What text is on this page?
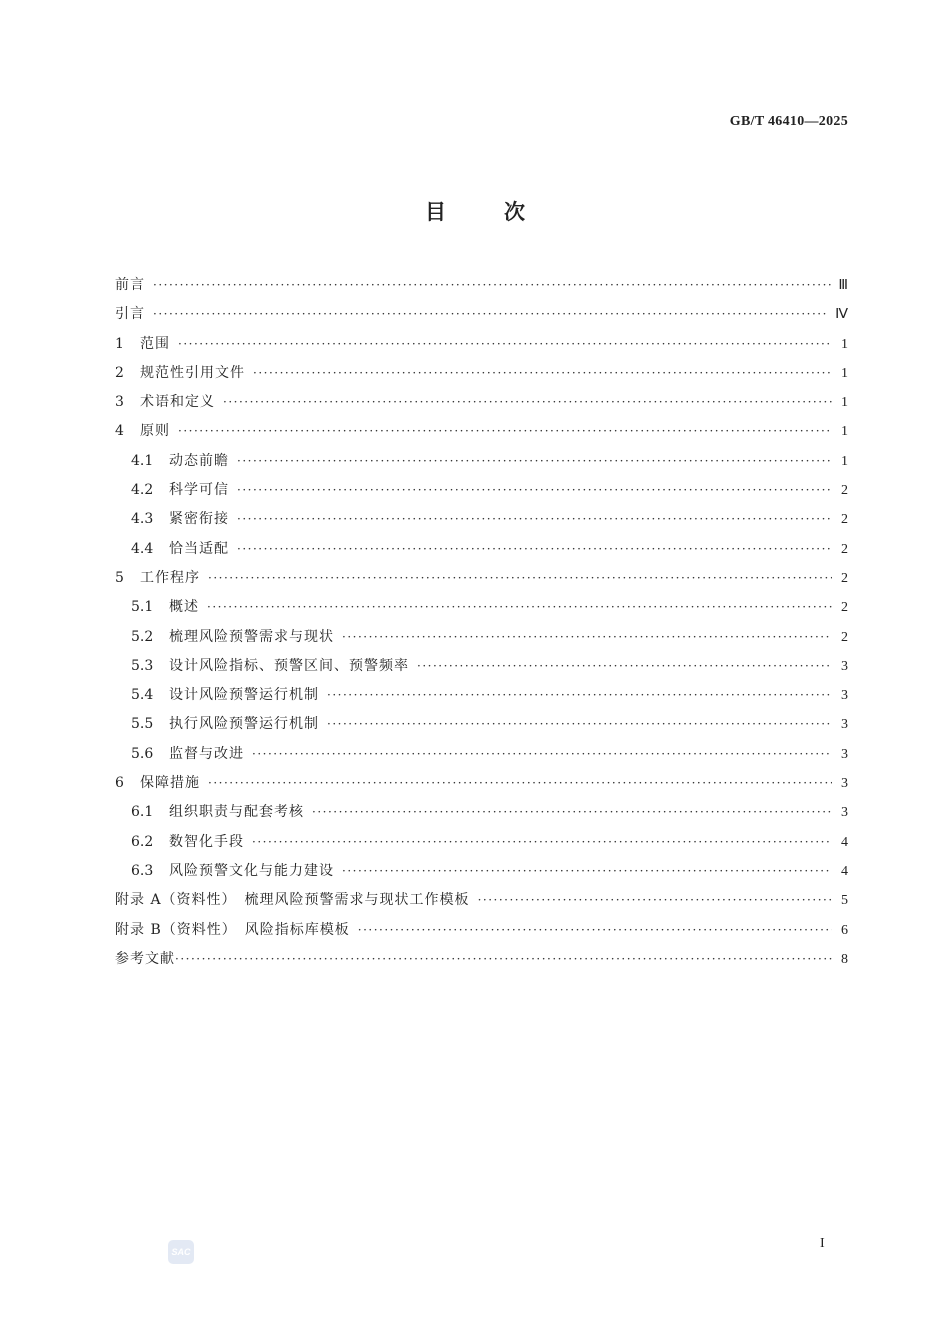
GB/T 46410—2025
目次
前言 ·····	Ⅲ
引言 ·····	Ⅳ
1	范围 ·····	1
2	规范性引用文件 ·····	1
3	术语和定义 ·····	1
4	原则 ·····	1
4.1	动态前瞻 ·····	1
4.2	科学可信 ·····	2
4.3	紧密衔接 ·····	2
4.4	恰当适配 ·····	2
5	工作程序 ·····	2
5.1	概述 ·····	2
5.2	梳理风险预警需求与现状 ·····	2
5.3	设计风险指标、预警区间、预警频率 ·····	3
5.4	设计风险预警运行机制 ·····	3
5.5	执行风险预警运行机制 ·····	3
5.6	监督与改进 ·····	3
6	保障措施 ·····	3
6.1	组织职责与配套考核 ·····	3
6.2	数智化手段 ·····	4
6.3	风险预警文化与能力建设 ·····	4
附录 A（资料性）　梳理风险预警需求与现状工作模板 ·····	5
附录 B（资料性）　风险指标库模板 ·····	6
参考文献 ·····	8
SAC
I
